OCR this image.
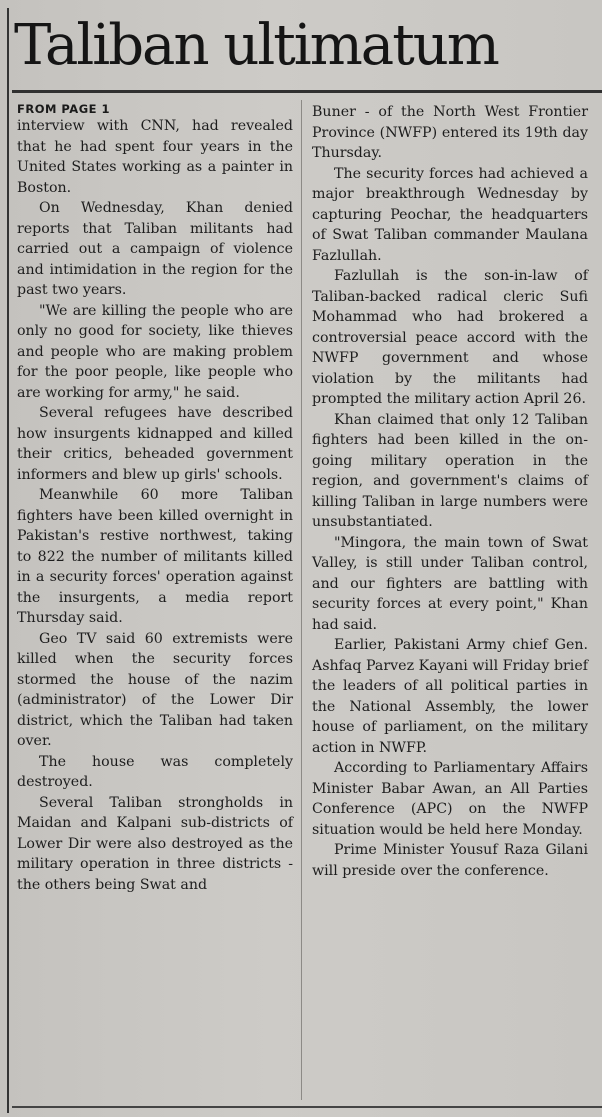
Taliban ultimatum
FROM PAGE 1

interview with CNN, had revealed that he had spent four years in the United States working as a painter in Boston.

On Wednesday, Khan denied reports that Taliban militants had carried out a campaign of violence and intimidation in the region for the past two years.

"We are killing the people who are only no good for society, like thieves and people who are making problem for the poor people, like people who are working for army," he said.

Several refugees have described how insurgents kidnapped and killed their critics, beheaded government informers and blew up girls' schools.

Meanwhile 60 more Taliban fighters have been killed overnight in Pakistan's restive northwest, taking to 822 the number of militants killed in a security forces' operation against the insurgents, a media report Thursday said.

Geo TV said 60 extremists were killed when the security forces stormed the house of the nazim (administrator) of the Lower Dir district, which the Taliban had taken over.

The house was completely destroyed.

Several Taliban strongholds in Maidan and Kalpani sub-districts of Lower Dir were also destroyed as the military operation in three districts - the others being Swat and

Buner - of the North West Frontier Province (NWFP) entered its 19th day Thursday.

The security forces had achieved a major breakthrough Wednesday by capturing Peochar, the headquarters of Swat Taliban commander Maulana Fazlullah.

Fazlullah is the son-in-law of Taliban-backed radical cleric Sufi Mohammad who had brokered a controversial peace accord with the NWFP government and whose violation by the militants had prompted the military action April 26.

Khan claimed that only 12 Taliban fighters had been killed in the on-going military operation in the region, and government's claims of killing Taliban in large numbers were unsubstantiated.

"Mingora, the main town of Swat Valley, is still under Taliban control, and our fighters are battling with security forces at every point," Khan had said.

Earlier, Pakistani Army chief Gen. Ashfaq Parvez Kayani will Friday brief the leaders of all political parties in the National Assembly, the lower house of parliament, on the military action in NWFP.

According to Parliamentary Affairs Minister Babar Awan, an All Parties Conference (APC) on the NWFP situation would be held here Monday.

Prime Minister Yousuf Raza Gilani will preside over the conference.
